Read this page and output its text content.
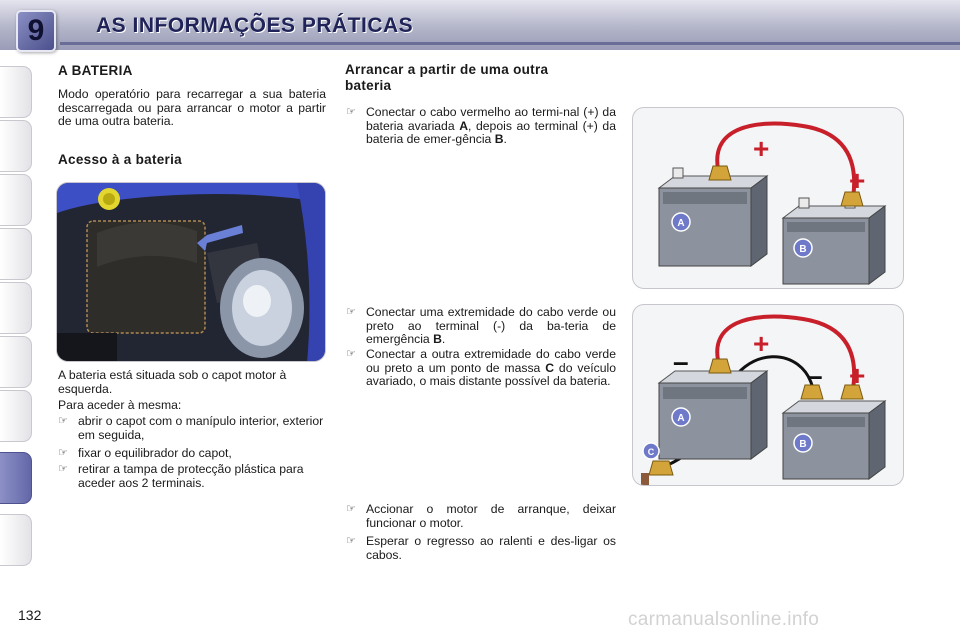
9	AS INFORMAÇÕES PRÁTICAS
A BATERIA
Modo operatório para recarregar a sua bateria descarregada ou para arrancar o motor a partir de uma outra bateria.
Acesso à a bateria
A bateria está situada sob o capot motor à esquerda.
Para aceder à mesma:
☞ abrir o capot com o manípulo interior, exterior em seguida,
☞ fixar o equilibrador do capot,
☞ retirar a tampa de protecção plástica para aceder aos 2 terminais.
Arrancar a partir de uma outra
bateria
☞ Conectar o cabo vermelho ao termi-nal (+) da bateria avariada A, depois ao terminal (+) da bateria de emer-gência B.
☞ Conectar uma extremidade do cabo verde ou preto ao terminal (-) da ba-teria de emergência B.
☞ Conectar a outra extremidade do cabo verde ou preto a um ponto de massa C do veículo avariado, o mais distante possível da bateria.
☞ Accionar o motor de arranque, deixar funcionar o motor.
☞ Esperar o regresso ao ralenti e des-ligar os cabos.
A
B
+
+
A
B
C
+
+
–	–
132	carmanualsonline.info
